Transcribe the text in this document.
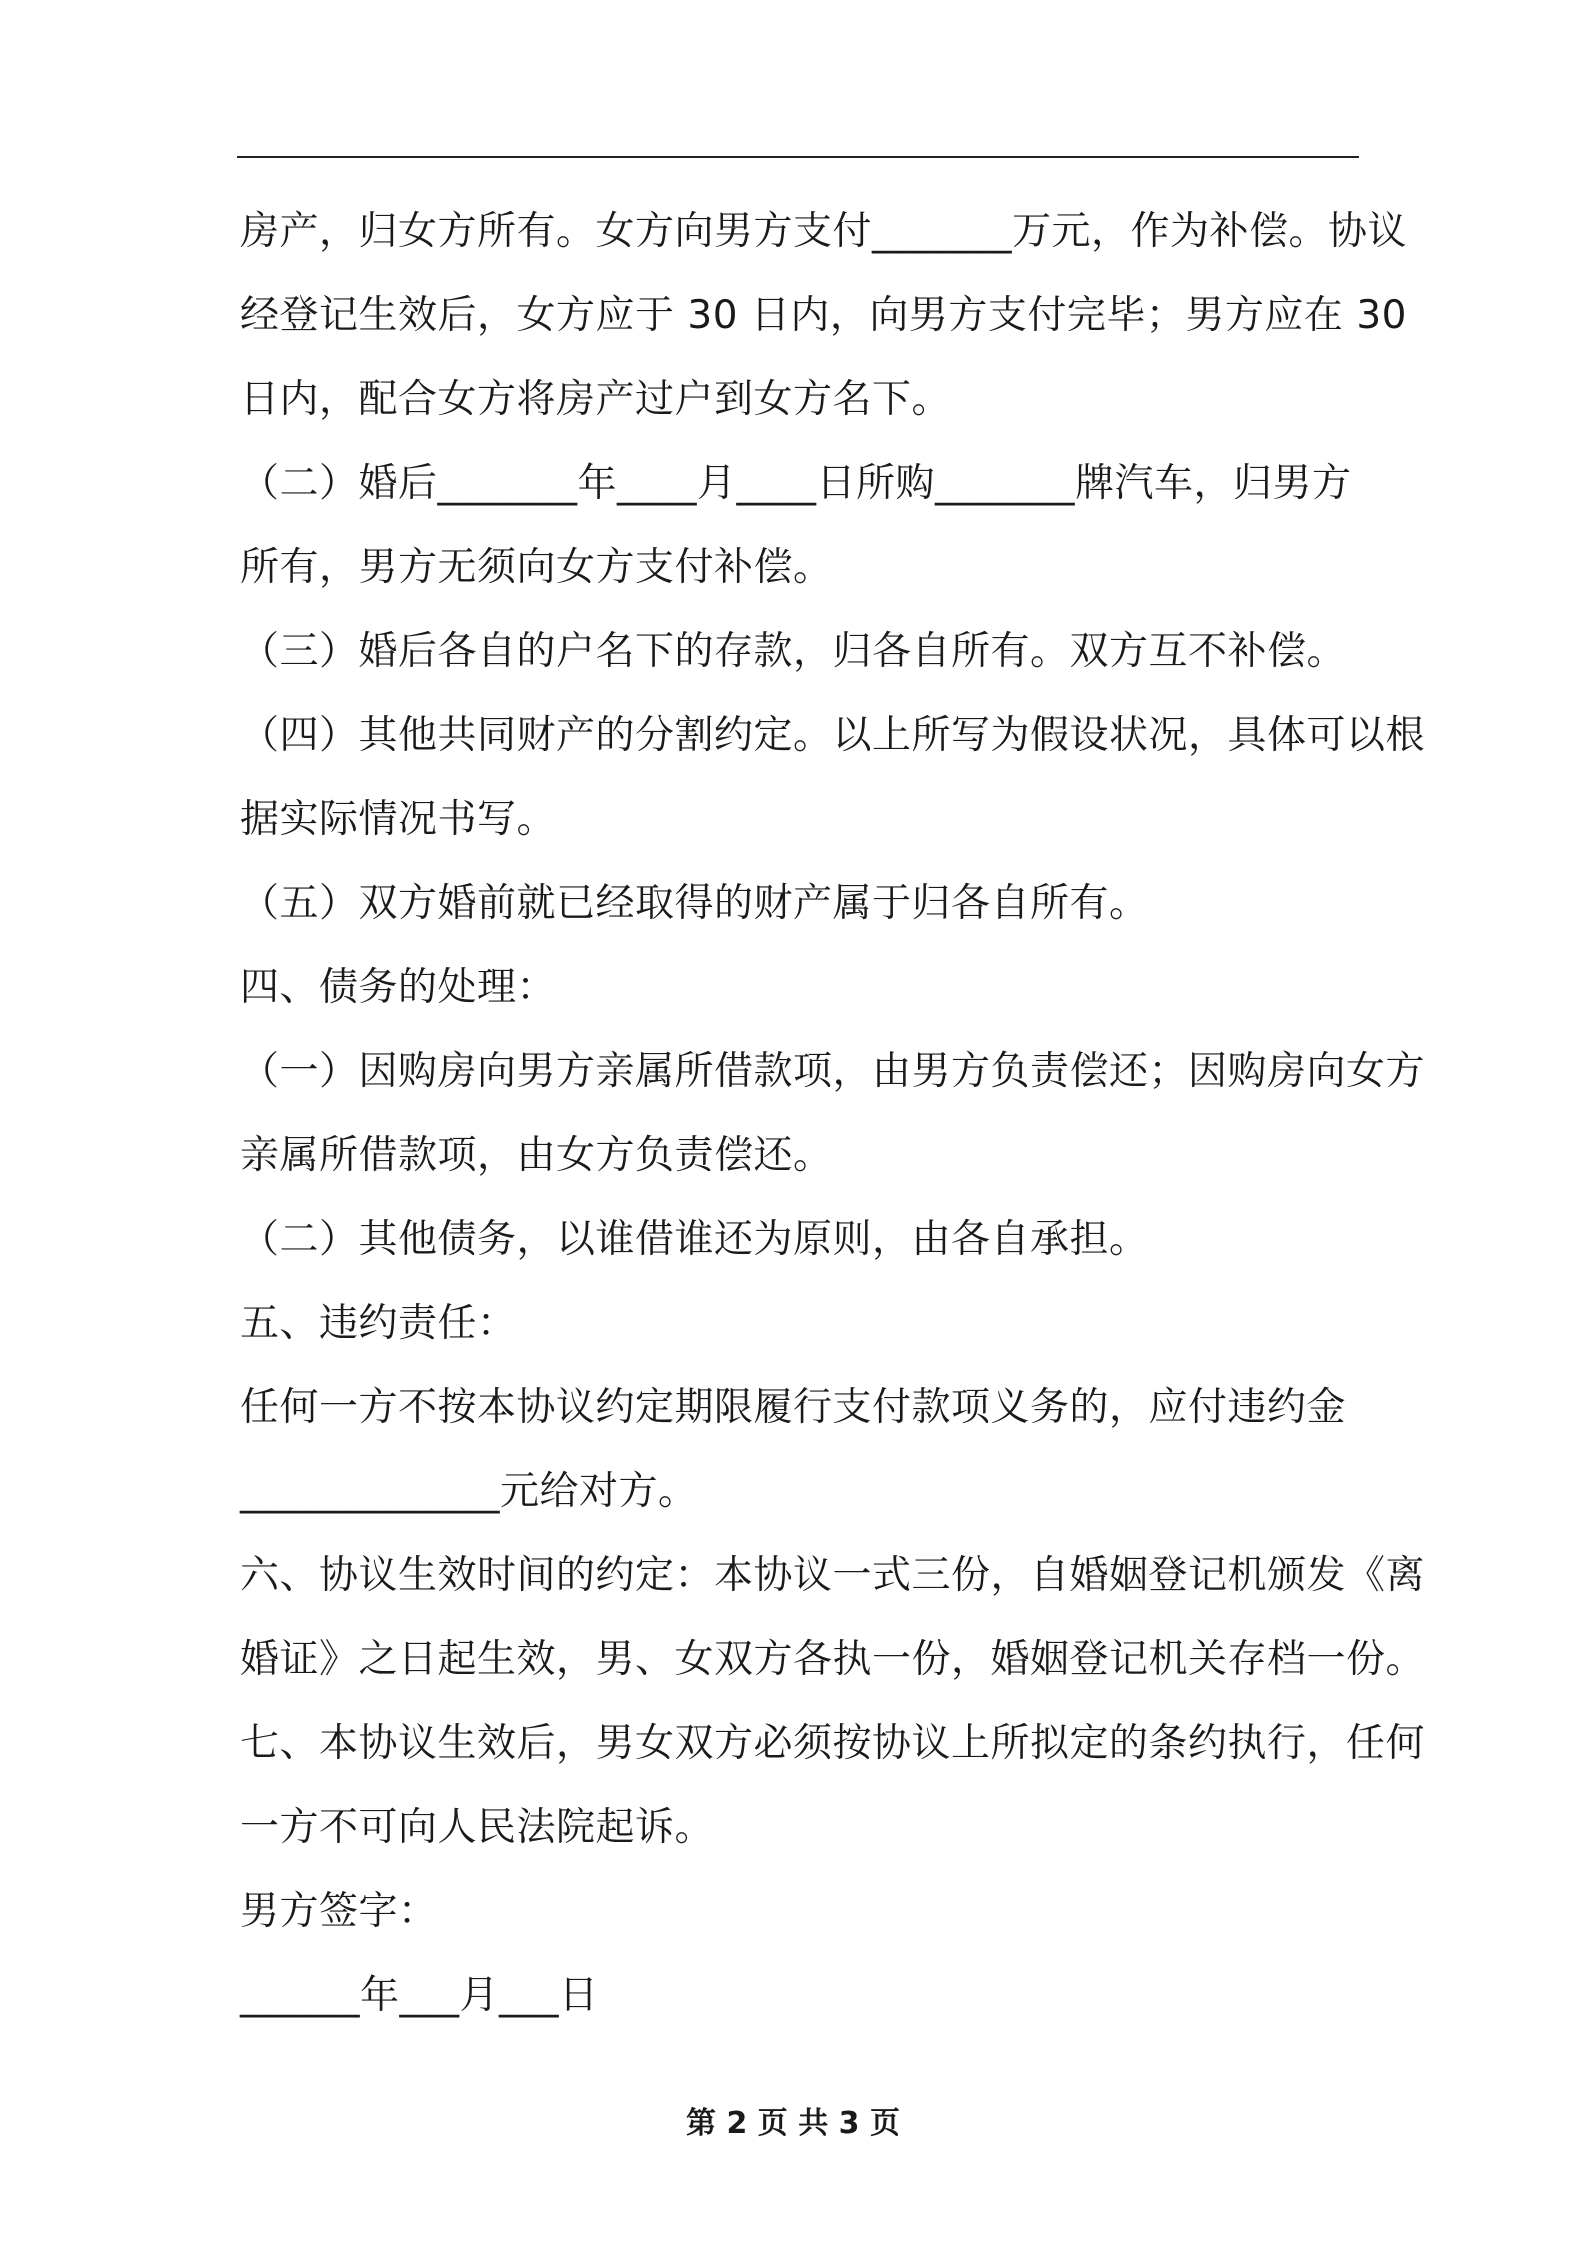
房产，归女方所有。女方向男方支付_______万元，作为补偿。协议
经登记生效后，女方应于 30 日内，向男方支付完毕；男方应在 30
日内，配合女方将房产过户到女方名下。
（二）婚后_______年____月____日所购_______牌汽车，归男方
所有，男方无须向女方支付补偿。
（三）婚后各自的户名下的存款，归各自所有。双方互不补偿。
（四）其他共同财产的分割约定。以上所写为假设状况，具体可以根
据实际情况书写。
（五）双方婚前就已经取得的财产属于归各自所有。
四、债务的处理：
（一）因购房向男方亲属所借款项，由男方负责偿还；因购房向女方
亲属所借款项，由女方负责偿还。
（二）其他债务，以谁借谁还为原则，由各自承担。
五、违约责任：
任何一方不按本协议约定期限履行支付款项义务的，应付违约金
_____________元给对方。
六、协议生效时间的约定：本协议一式三份，自婚姻登记机颁发《离
婚证》之日起生效，男、女双方各执一份，婚姻登记机关存档一份。
七、本协议生效后，男女双方必须按协议上所拟定的条约执行，任何
一方不可向人民法院起诉。
男方签字：
______年___月___日
第 2 页 共 3 页
